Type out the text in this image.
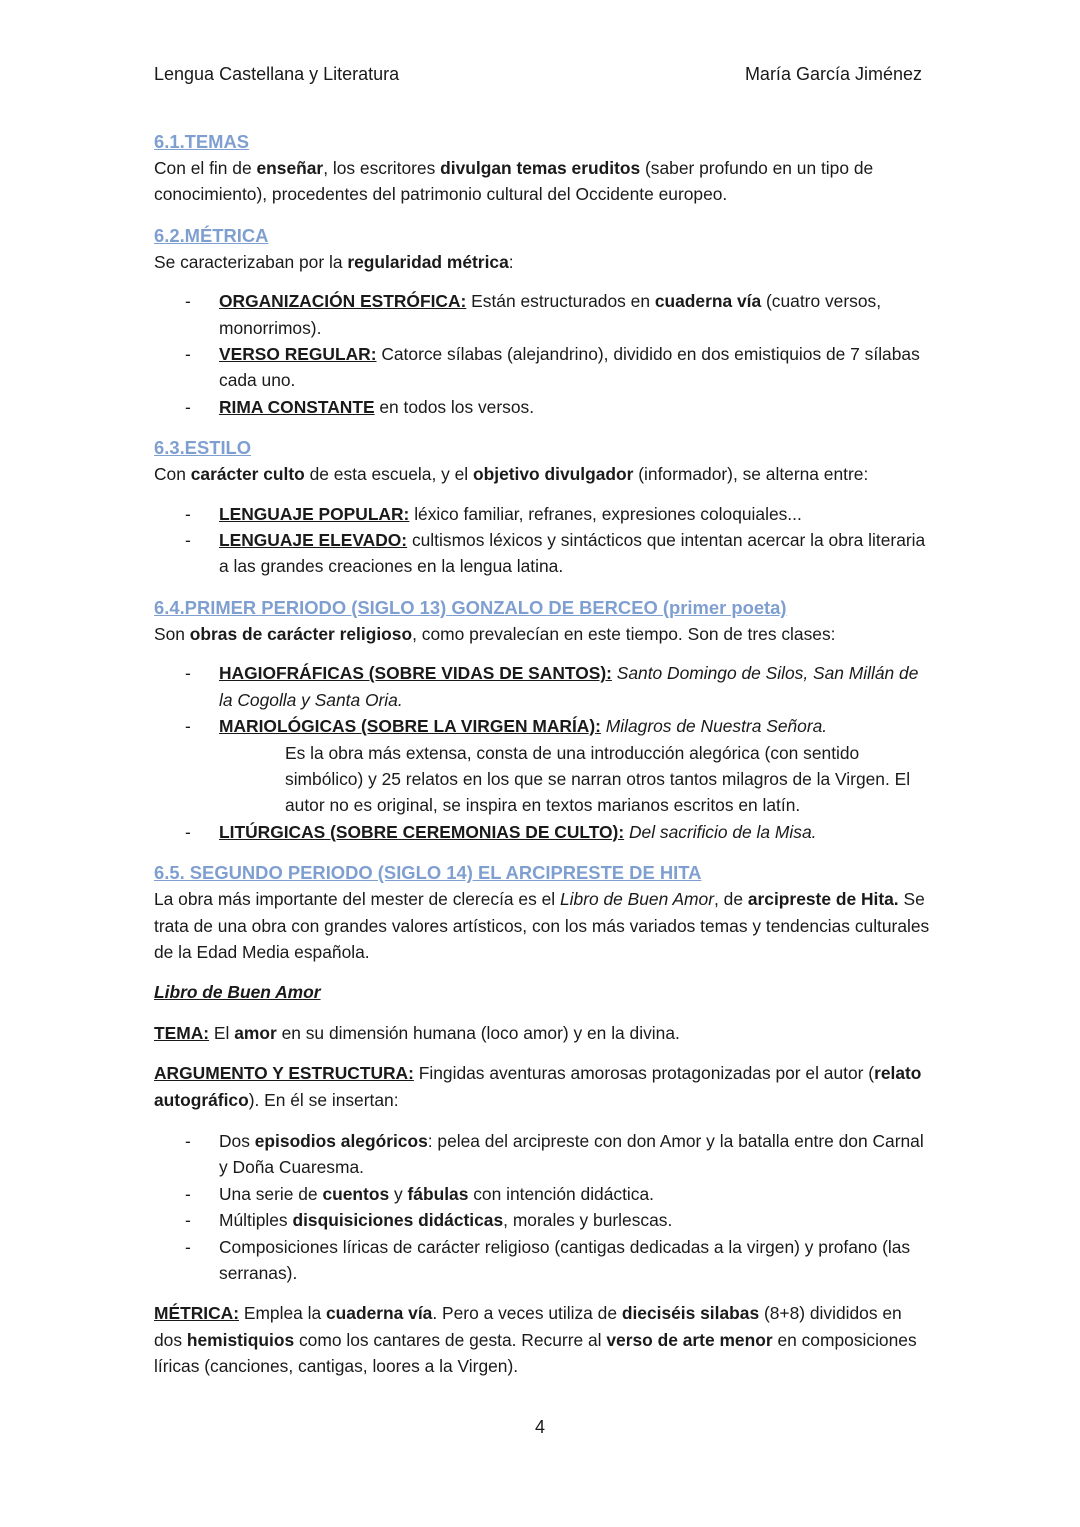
Lengua Castellana y Literatura	María García Jiménez
6.1.TEMAS

Con el fin de enseñar, los escritores divulgan temas eruditos (saber profundo en un tipo de conocimiento), procedentes del patrimonio cultural del Occidente europeo.

6.2.MÉTRICA

Se caracterizaban por la regularidad métrica:

- ORGANIZACIÓN ESTRÓFICA: Están estructurados en cuaderna vía (cuatro versos, monorrimos).
- VERSO REGULAR: Catorce sílabas (alejandrino), dividido en dos emistiquios de 7 sílabas cada uno.
- RIMA CONSTANTE en todos los versos.
6.3.ESTILO

Con carácter culto de esta escuela, y el objetivo divulgador (informador), se alterna entre:

- LENGUAJE POPULAR: léxico familiar, refranes, expresiones coloquiales...
- LENGUAJE ELEVADO: cultismos léxicos y sintácticos que intentan acercar la obra literaria a las grandes creaciones en la lengua latina.
6.4.PRIMER PERIODO (SIGLO 13) GONZALO DE BERCEO (primer poeta)

Son obras de carácter religioso, como prevalecían en este tiempo. Son de tres clases:

- HAGIOFRÁFICAS (SOBRE VIDAS DE SANTOS): Santo Domingo de Silos, San Millán de la Cogolla y Santa Oria.
- MARIOLÓGICAS (SOBRE LA VIRGEN MARÍA): Milagros de Nuestra Señora.
Es la obra más extensa, consta de una introducción alegórica (con sentido simbólico) y 25 relatos en los que se narran otros tantos milagros de la Virgen. El autor no es original, se inspira en textos marianos escritos en latín.
- LITÚRGICAS (SOBRE CEREMONIAS DE CULTO): Del sacrificio de la Misa.
6.5. SEGUNDO PERIODO (SIGLO 14) EL ARCIPRESTE DE HITA

La obra más importante del mester de clerecía es el Libro de Buen Amor, de arcipreste de Hita. Se trata de una obra con grandes valores artísticos, con los más variados temas y tendencias culturales de la Edad Media española.

Libro de Buen Amor

TEMA: El amor en su dimensión humana (loco amor) y en la divina.

ARGUMENTO Y ESTRUCTURA: Fingidas aventuras amorosas protagonizadas por el autor (relato autográfico). En él se insertan:

- Dos episodios alegóricos: pelea del arcipreste con don Amor y la batalla entre don Carnal y Doña Cuaresma.
- Una serie de cuentos y fábulas con intención didáctica.
- Múltiples disquisiciones didácticas, morales y burlescas.
- Composiciones líricas de carácter religioso (cantigas dedicadas a la virgen) y profano (las serranas).

MÉTRICA: Emplea la cuaderna vía. Pero a veces utiliza de dieciséis silabas (8+8) divididos en dos hemistiquios como los cantares de gesta. Recurre al verso de arte menor en composiciones líricas (canciones, cantigas, loores a la Virgen).

4
